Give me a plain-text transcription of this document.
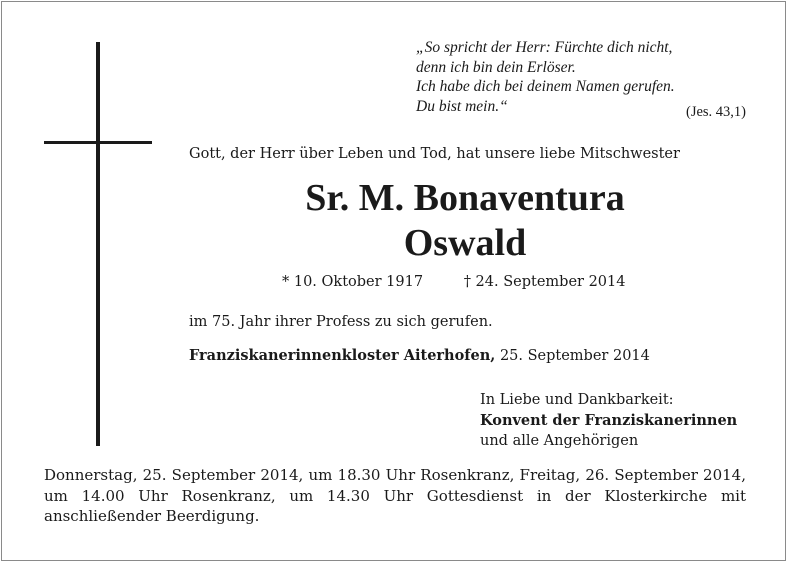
„So spricht der Herr: Fürchte dich nicht,
denn ich bin dein Erlöser.
Ich habe dich bei deinem Namen gerufen.
Du bist mein.“	(Jes. 43,1)
Gott, der Herr über Leben und Tod, hat unsere liebe Mitschwester
Sr. M. Bonaventura
Oswald
* 10. Oktober 1917	† 24. September 2014
im 75. Jahr ihrer Profess zu sich gerufen.
Franziskanerinnenkloster Aiterhofen, 25. September 2014
In Liebe und Dankbarkeit:
Konvent der Franziskanerinnen
und alle Angehörigen
Donnerstag, 25. September 2014, um 18.30 Uhr Rosenkranz, Freitag, 26. September 2014, um 14.00 Uhr Rosenkranz, um 14.30 Uhr Gottesdienst in der Klosterkirche mit anschließender Beerdigung.
